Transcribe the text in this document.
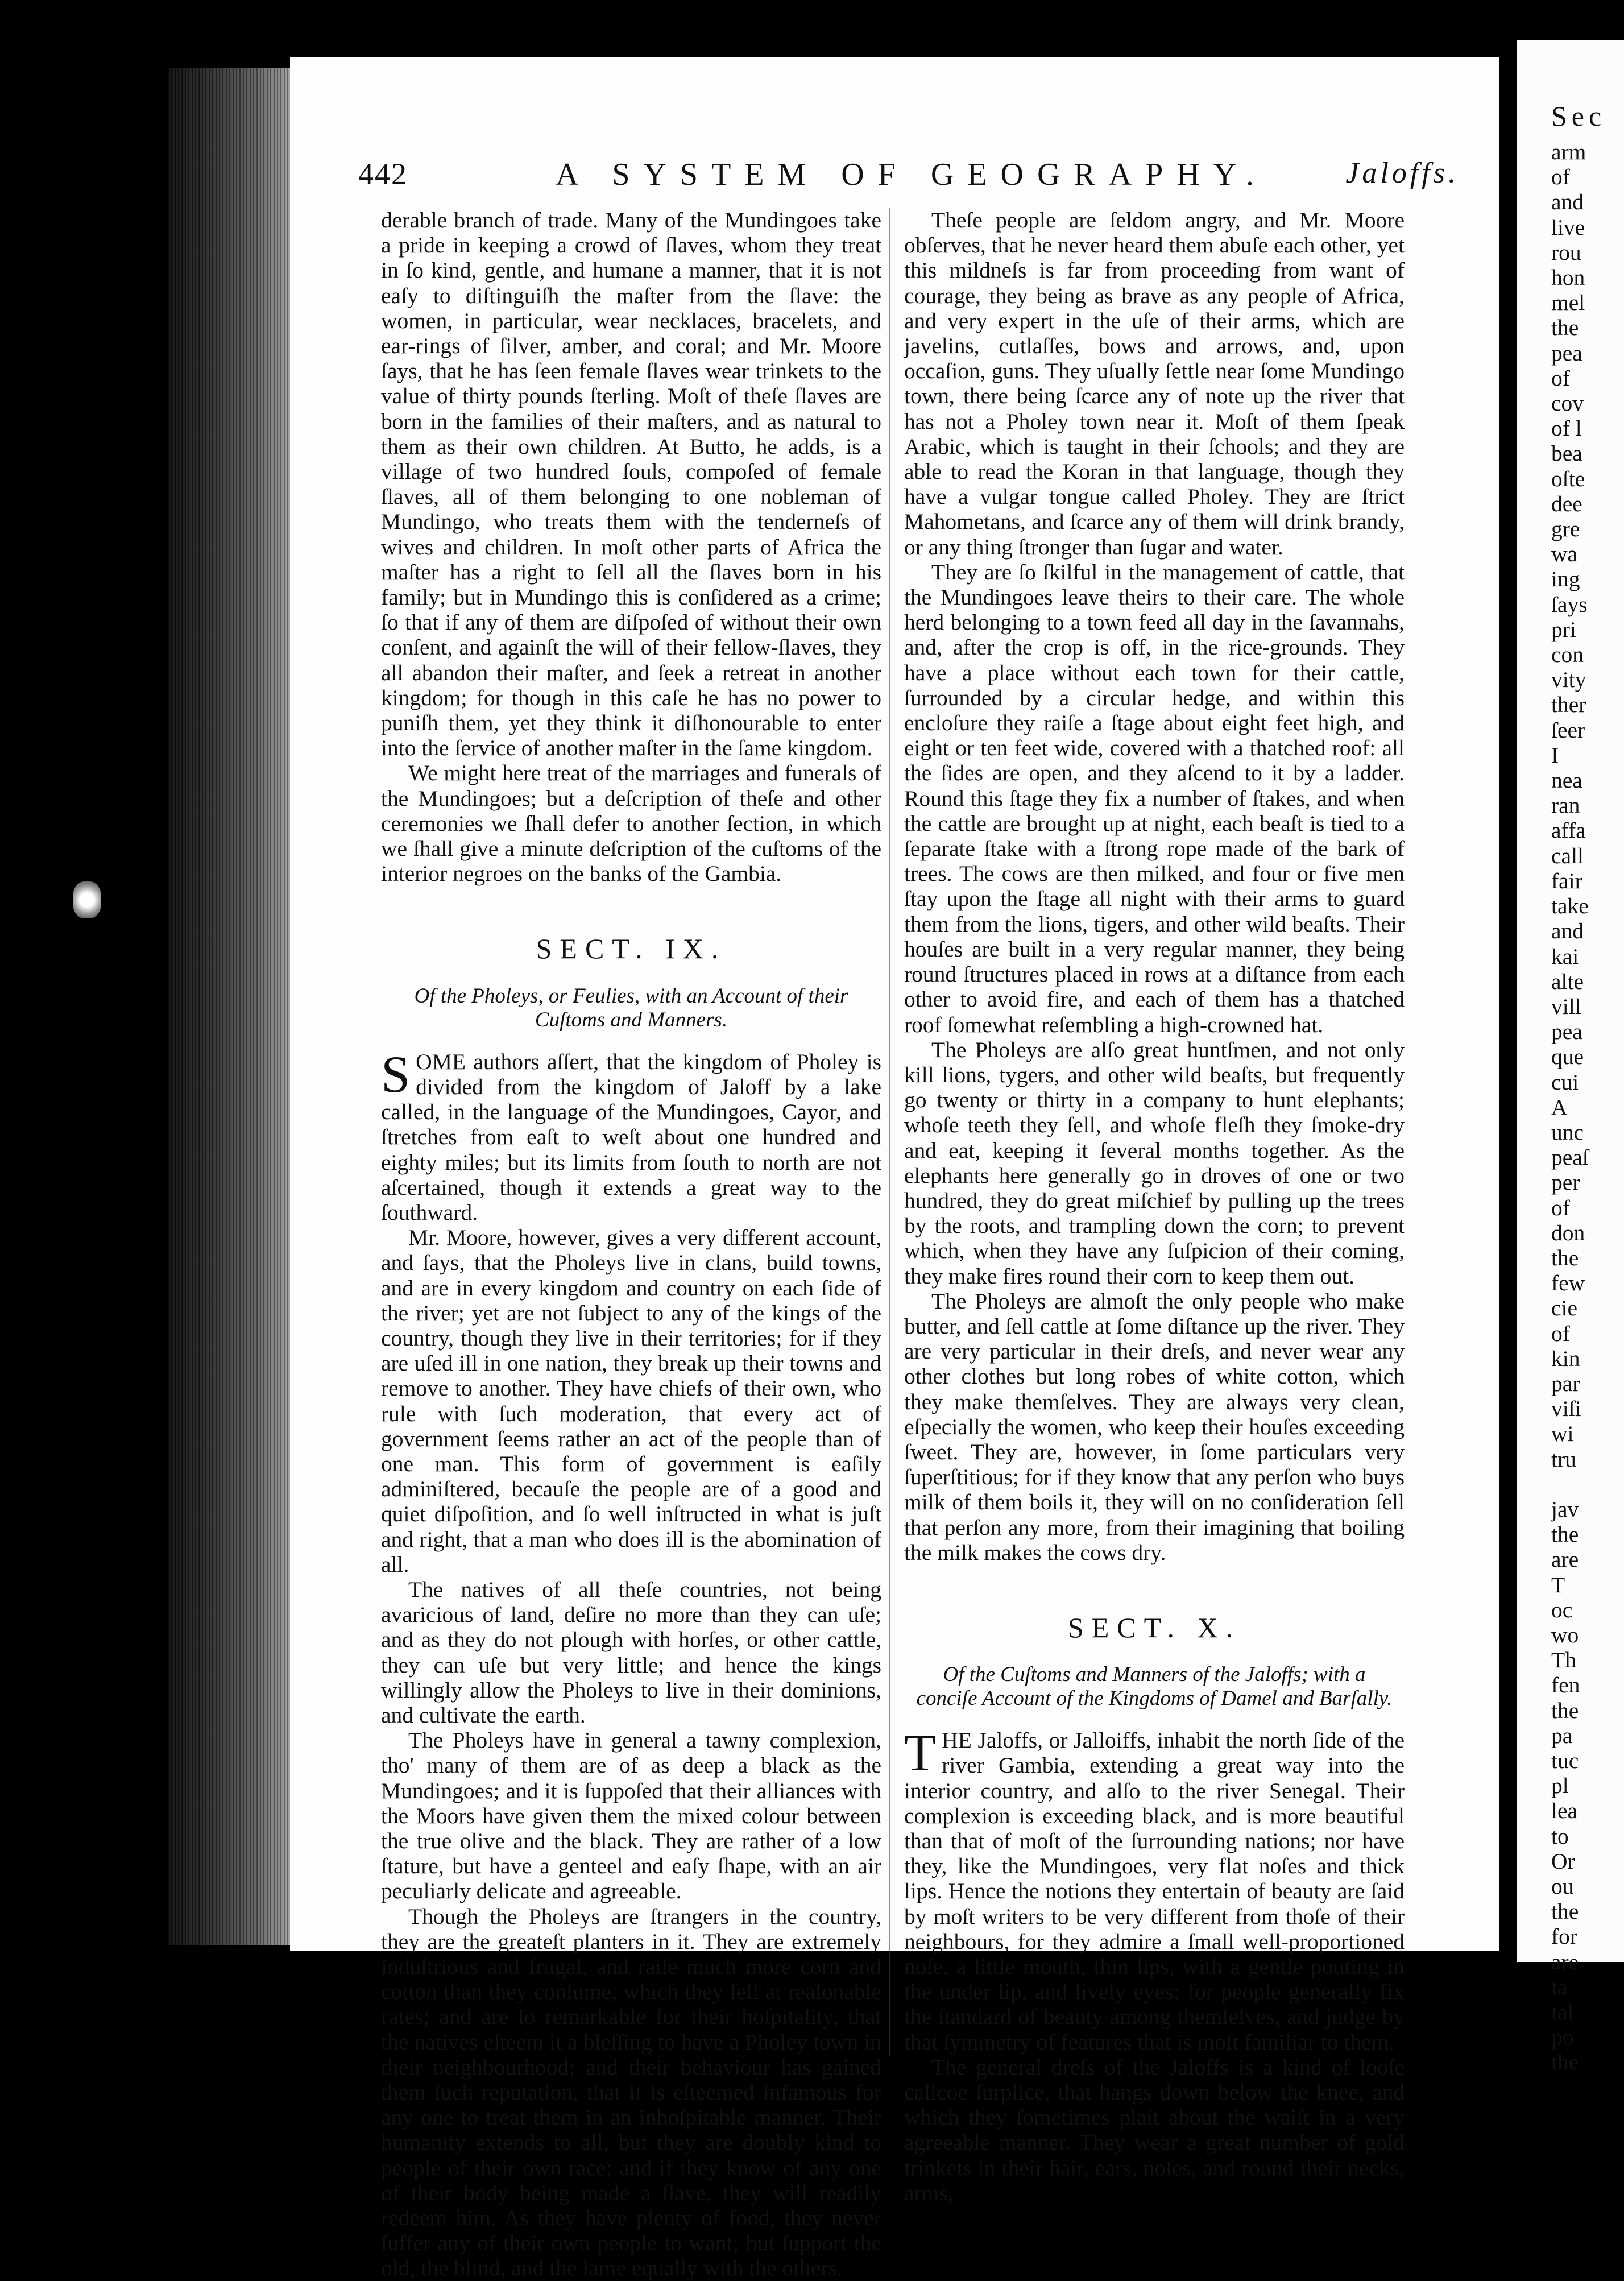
442	A SYSTEM OF GEOGRAPHY.	Jaloffs.

derable branch of trade. Many of the Mundingoes take a pride in keeping a crowd of ſlaves, whom they treat in ſo kind, gentle, and humane a manner, that it is not eaſy to diſtinguiſh the maſter from the ſlave: the women, in particular, wear necklaces, bracelets, and ear-rings of ſilver, amber, and coral; and Mr. Moore ſays, that he has ſeen female ſlaves wear trinkets to the value of thirty pounds ſterling. Moſt of theſe ſlaves are born in the families of their maſters, and as natural to them as their own children. At Butto, he adds, is a village of two hundred ſouls, compoſed of female ſlaves, all of them belonging to one nobleman of Mundingo, who treats them with the tenderneſs of wives and children. In moſt other parts of Africa the maſter has a right to ſell all the ſlaves born in his family; but in Mundingo this is conſidered as a crime; ſo that if any of them are diſpoſed of without their own conſent, and againſt the will of their fellow-ſlaves, they all abandon their maſter, and ſeek a retreat in another kingdom; for though in this caſe he has no power to puniſh them, yet they think it diſhonourable to enter into the ſervice of another maſter in the ſame kingdom.

We might here treat of the marriages and funerals of the Mundingoes; but a deſcription of theſe and other ceremonies we ſhall defer to another ſection, in which we ſhall give a minute deſcription of the cuſtoms of the interior negroes on the banks of the Gambia.

SECT. IX.
Of the Pholeys, or Feulies, with an Account of their Cuſtoms and Manners.

SOME authors aſſert, that the kingdom of Pholey is divided from the kingdom of Jaloff by a lake called, in the language of the Mundingoes, Cayor, and ſtretches from eaſt to weſt about one hundred and eighty miles; but its limits from ſouth to north are not aſcertained, though it extends a great way to the ſouthward.

Mr. Moore, however, gives a very different account, and ſays, that the Pholeys live in clans, build towns, and are in every kingdom and country on each ſide of the river; yet are not ſubject to any of the kings of the country, though they live in their territories; for if they are uſed ill in one nation, they break up their towns and remove to another. They have chiefs of their own, who rule with ſuch moderation, that every act of government ſeems rather an act of the people than of one man. This form of government is eaſily adminiſtered, becauſe the people are of a good and quiet diſpoſition, and ſo well inſtructed in what is juſt and right, that a man who does ill is the abomination of all.

The natives of all theſe countries, not being avaricious of land, deſire no more than they can uſe; and as they do not plough with horſes, or other cattle, they can uſe but very little; and hence the kings willingly allow the Pholeys to live in their dominions, and cultivate the earth.

The Pholeys have in general a tawny complexion, tho' many of them are of as deep a black as the Mundingoes; and it is ſuppoſed that their alliances with the Moors have given them the mixed colour between the true olive and the black. They are rather of a low ſtature, but have a genteel and eaſy ſhape, with an air peculiarly delicate and agreeable.

Though the Pholeys are ſtrangers in the country, they are the greateſt planters in it. They are extremely induſtrious and frugal, and raiſe much more corn and cotton than they conſume, which they ſell at reaſonable rates; and are ſo remarkable for their hoſpitality, that the natives eſteem it a bleſſing to have a Pholey town in their neighbourhood; and their behaviour has gained them ſuch reputation, that it is eſteemed infamous for any one to treat them in an inhoſpitable manner. Their humanity extends to all, but they are doubly kind to people of their own race; and if they know of any one of their body being made a ſlave, they will readily redeem him. As they have plenty of food, they never ſuffer any of their own people to want; but ſupport the old, the blind, and the lame equally with the others.

Theſe people are ſeldom angry, and Mr. Moore obſerves, that he never heard them abuſe each other, yet this mildneſs is far from proceeding from want of courage, they being as brave as any people of Africa, and very expert in the uſe of their arms, which are javelins, cutlaſſes, bows and arrows, and, upon occaſion, guns. They uſually ſettle near ſome Mundingo town, there being ſcarce any of note up the river that has not a Pholey town near it. Moſt of them ſpeak Arabic, which is taught in their ſchools; and they are able to read the Koran in that language, though they have a vulgar tongue called Pholey. They are ſtrict Mahometans, and ſcarce any of them will drink brandy, or any thing ſtronger than ſugar and water.

They are ſo ſkilful in the management of cattle, that the Mundingoes leave theirs to their care. The whole herd belonging to a town feed all day in the ſavannahs, and, after the crop is off, in the rice-grounds. They have a place without each town for their cattle, ſurrounded by a circular hedge, and within this encloſure they raiſe a ſtage about eight feet high, and eight or ten feet wide, covered with a thatched roof: all the ſides are open, and they aſcend to it by a ladder. Round this ſtage they fix a number of ſtakes, and when the cattle are brought up at night, each beaſt is tied to a ſeparate ſtake with a ſtrong rope made of the bark of trees. The cows are then milked, and four or five men ſtay upon the ſtage all night with their arms to guard them from the lions, tigers, and other wild beaſts. Their houſes are built in a very regular manner, they being round ſtructures placed in rows at a diſtance from each other to avoid fire, and each of them has a thatched roof ſomewhat reſembling a high-crowned hat.

The Pholeys are alſo great huntſmen, and not only kill lions, tygers, and other wild beaſts, but frequently go twenty or thirty in a company to hunt elephants; whoſe teeth they ſell, and whoſe fleſh they ſmoke-dry and eat, keeping it ſeveral months together. As the elephants here generally go in droves of one or two hundred, they do great miſchief by pulling up the trees by the roots, and trampling down the corn; to prevent which, when they have any ſuſpicion of their coming, they make fires round their corn to keep them out.

The Pholeys are almoſt the only people who make butter, and ſell cattle at ſome diſtance up the river. They are very particular in their dreſs, and never wear any other clothes but long robes of white cotton, which they make themſelves. They are always very clean, eſpecially the women, who keep their houſes exceeding ſweet. They are, however, in ſome particulars very ſuperſtitious; for if they know that any perſon who buys milk of them boils it, they will on no conſideration ſell that perſon any more, from their imagining that boiling the milk makes the cows dry.

SECT. X.
Of the Cuſtoms and Manners of the Jaloffs; with a conciſe Account of the Kingdoms of Damel and Barſally.

THE Jaloffs, or Jalloiffs, inhabit the north ſide of the river Gambia, extending a great way into the interior country, and alſo to the river Senegal. Their complexion is exceeding black, and is more beautiful than that of moſt of the ſurrounding nations; nor have they, like the Mundingoes, very flat noſes and thick lips. Hence the notions they entertain of beauty are ſaid by moſt writers to be very different from thoſe of their neighbours, for they admire a ſmall well-proportioned noſe, a little mouth, thin lips, with a gentle pouting in the under lip, and lively eyes; for people generally fix the ſtandard of beauty among themſelves, and judge by that ſymmetry of features that is moſt familiar to them.

The general dreſs of the Jaloffs is a kind of looſe calicoe ſurplice, that hangs down below the knee, and which they ſometimes plait about the waiſt in a very agreeable manner. They wear a great number of gold trinkets in their hair, ears, noſes, and round their necks, arms,

Sec
arm
of
and
live
rou
hon
mel
the
pea
of
cov
of l
bea
oſte
dee
gre
wa
ing
ſays
pri
con
vity
ther
ſeer
I
nea
ran
affa
call
fair
take
and
kai
alte
vill
pea
que
cui
A
unc
peaſ
per
of
don
the
few
cie
of
kin
par
viſi
wi
tru

jav
the
are
T
oc
wo
Th
fen
the
pa
tuc
pl
lea
to
Or
ou
the
for
are
ta
tal
po
the
